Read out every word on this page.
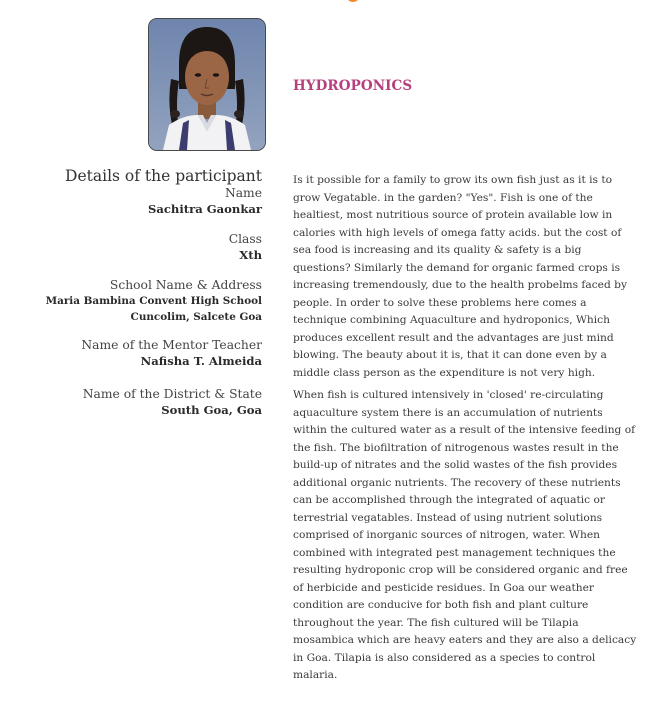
HYDROPONICS
Details of the participant
Name
Sachitra Gaonkar
Class
Xth
School Name & Address
Maria Bambina Convent High School
Cuncolim, Salcete Goa
Name of the Mentor Teacher
Nafisha T. Almeida
Name of the District & State
South Goa, Goa

Is it possible for a family to grow its own fish just as it is to grow Vegatable. in the garden? "Yes". Fish is one of the healtiest, most nutritious source of protein available low in calories with high levels of omega fatty acids. but the cost of sea food is increasing and its quality & safety is a big questions? Similarly the demand for organic farmed crops is increasing tremendously, due to the health probelms faced by people. In order to solve these problems here comes a technique combining Aquaculture and hydroponics, Which produces excellent result and the advantages are just mind blowing. The beauty about it is, that it can done even by a middle class person as the expenditure is not very high.

When fish is cultured intensively in 'closed' re-circulating aquaculture system there is an accumulation of nutrients within the cultured water as a result of the intensive feeding of the fish. The biofiltration of nitrogenous wastes result in the build-up of nitrates and the solid wastes of the fish provides additional organic nutrients. The recovery of these nutrients can be accomplished through the integrated of aquatic or terrestrial vegatables. Instead of using nutrient solutions comprised of inorganic sources of nitrogen, water. When combined with integrated pest management techniques the resulting hydroponic crop will be considered organic and free of herbicide and pesticide residues. In Goa our weather condition are conducive for both fish and plant culture throughout the year. The fish cultured will be Tilapia mosambica which are heavy eaters and they are also a delicacy in Goa. Tilapia is also considered as a species to control malaria.
